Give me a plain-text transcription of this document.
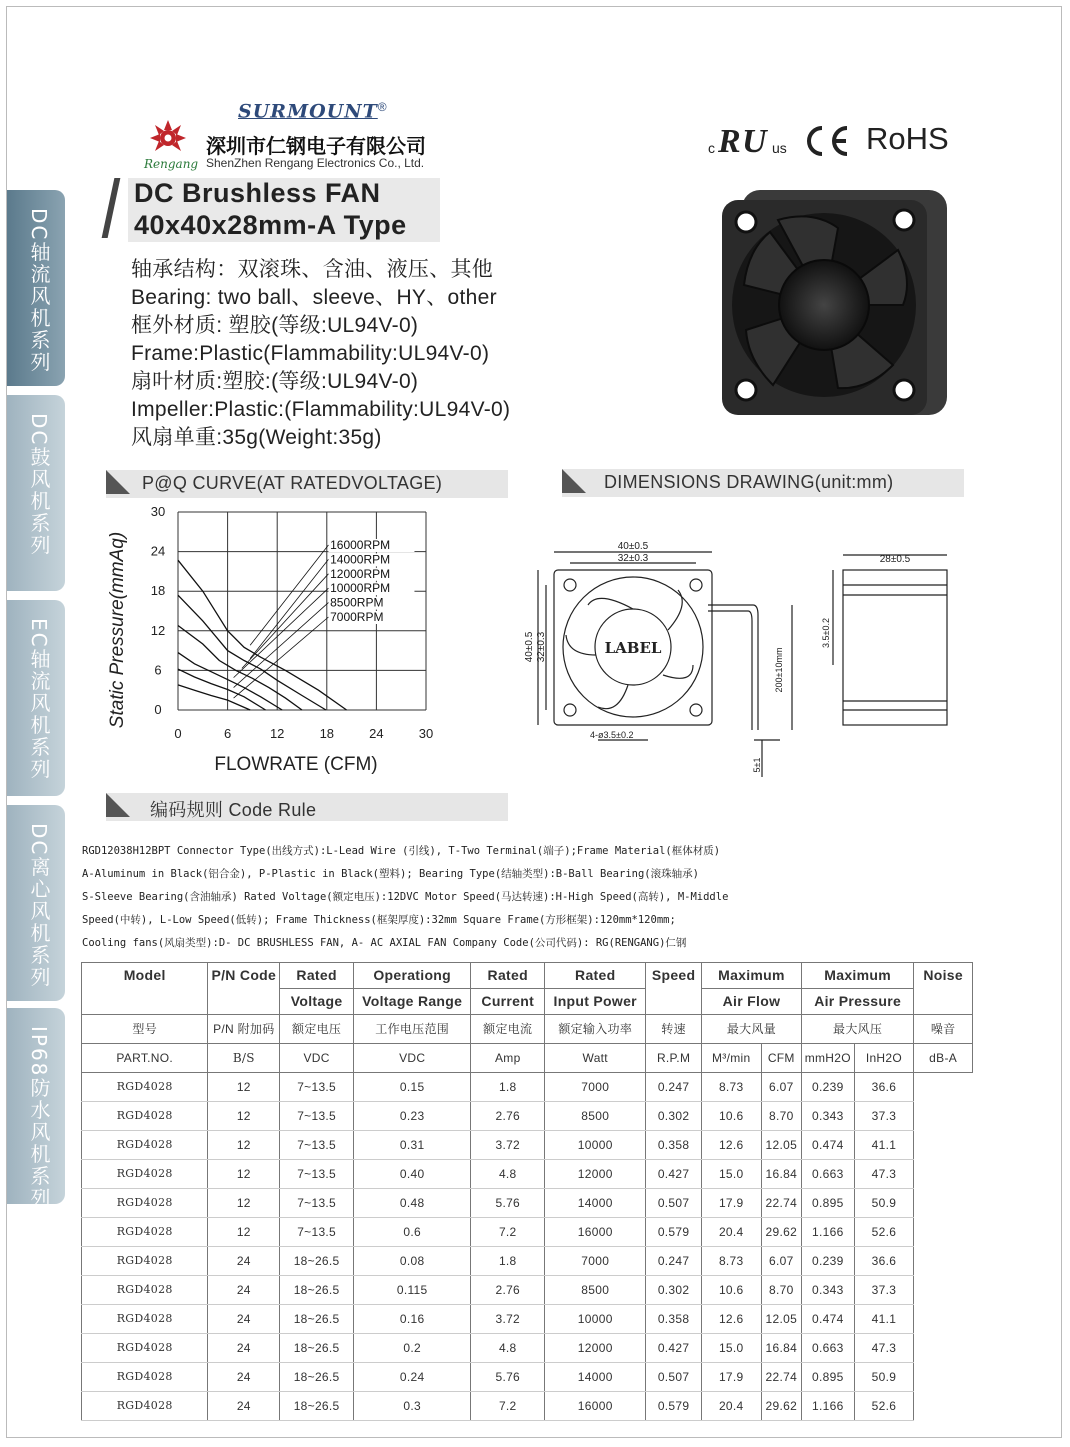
DC轴流风机系列
DC鼓风机系列
EC轴流风机系列
DC离心风机系列
IP68防水风机系列
SURMOUNT®
Rengang
深圳市仁钢电子有限公司
ShenZhen Rengang Electronics Co., Ltd.
c R U us	RoHS
DC Brushless FAN
40x40x28mm-A Type
轴承结构：双滚珠、含油、液压、其他
Bearing: two ball、sleeve、HY、other
框外材质: 塑胶(等级:UL94V-0)
Frame:Plastic(Flammability:UL94V-0)
扇叶材质:塑胶:(等级:UL94V-0)
Impeller:Plastic:(Flammability:UL94V-0)
风扇单重:35g(Weight:35g)
P@Q CURVE(AT RATEDVOLTAGE)	DIMENSIONS DRAWING(unit:mm)
编码规则 Code Rule
0	6	12	18	24	30
30
24
18
12
6
0
16000RPM
14000RPM
12000RPM
10000RPM
8500RPM
7000RPM
Static Pressure(mmAq)
FLOWRATE (CFM)
40±0.5
32±0.3
40±0.5 32±0.3	LABEL
4-ø3.5±0.2
200±10mm
5±1
28±0.5
3.5±0.2
RGD12038H12BPT Connector Type(出线方式):L-Lead Wire (引线), T-Two Terminal(端子);Frame Material(框体材质)
A-Aluminum in Black(铝合金), P-Plastic in Black(塑料); Bearing Type(结轴类型):B-Ball Bearing(滚珠轴承)
S-Sleeve Bearing(含油轴承) Rated Voltage(额定电压):12DVC Motor Speed(马达转速):H-High Speed(高转), M-Middle
Speed(中转), L-Low Speed(低转); Frame Thickness(框架厚度):32mm Square Frame(方形框架):120mm*120mm;
Cooling fans(风扇类型):D- DC BRUSHLESS FAN, A- AC AXIAL FAN Company Code(公司代码): RG(RENGANG)仁钢
Model	P/N Code	Rated	Operationg	Rated	Rated	Speed	Maximum		Maximum		Noise
		Voltage	Voltage Range	Current	Input Power		Air Flow		Air Pressure		
型号	P/N 附加码	额定电压	工作电压范围	额定电流	额定输入功率	转速	最大风量		最大风压		噪音
PART.NO.	B/S	VDC	VDC	Amp	Watt	R.P.M	M³/min	CFM	mmH2O	InH2O	dB-A
RGD4028	12	7~13.5	0.15	1.8	7000	0.247	8.73	6.07	0.239	36.6	
RGD4028	12	7~13.5	0.23	2.76	8500	0.302	10.6	8.70	0.343	37.3	
RGD4028	12	7~13.5	0.31	3.72	10000	0.358	12.6	12.05	0.474	41.1	
RGD4028	12	7~13.5	0.40	4.8	12000	0.427	15.0	16.84	0.663	47.3	
RGD4028	12	7~13.5	0.48	5.76	14000	0.507	17.9	22.74	0.895	50.9	
RGD4028	12	7~13.5	0.6	7.2	16000	0.579	20.4	29.62	1.166	52.6	
RGD4028	24	18~26.5	0.08	1.8	7000	0.247	8.73	6.07	0.239	36.6	
RGD4028	24	18~26.5	0.115	2.76	8500	0.302	10.6	8.70	0.343	37.3	
RGD4028	24	18~26.5	0.16	3.72	10000	0.358	12.6	12.05	0.474	41.1	
RGD4028	24	18~26.5	0.2	4.8	12000	0.427	15.0	16.84	0.663	47.3	
RGD4028	24	18~26.5	0.24	5.76	14000	0.507	17.9	22.74	0.895	50.9	
RGD4028	24	18~26.5	0.3	7.2	16000	0.579	20.4	29.62	1.166	52.6	
